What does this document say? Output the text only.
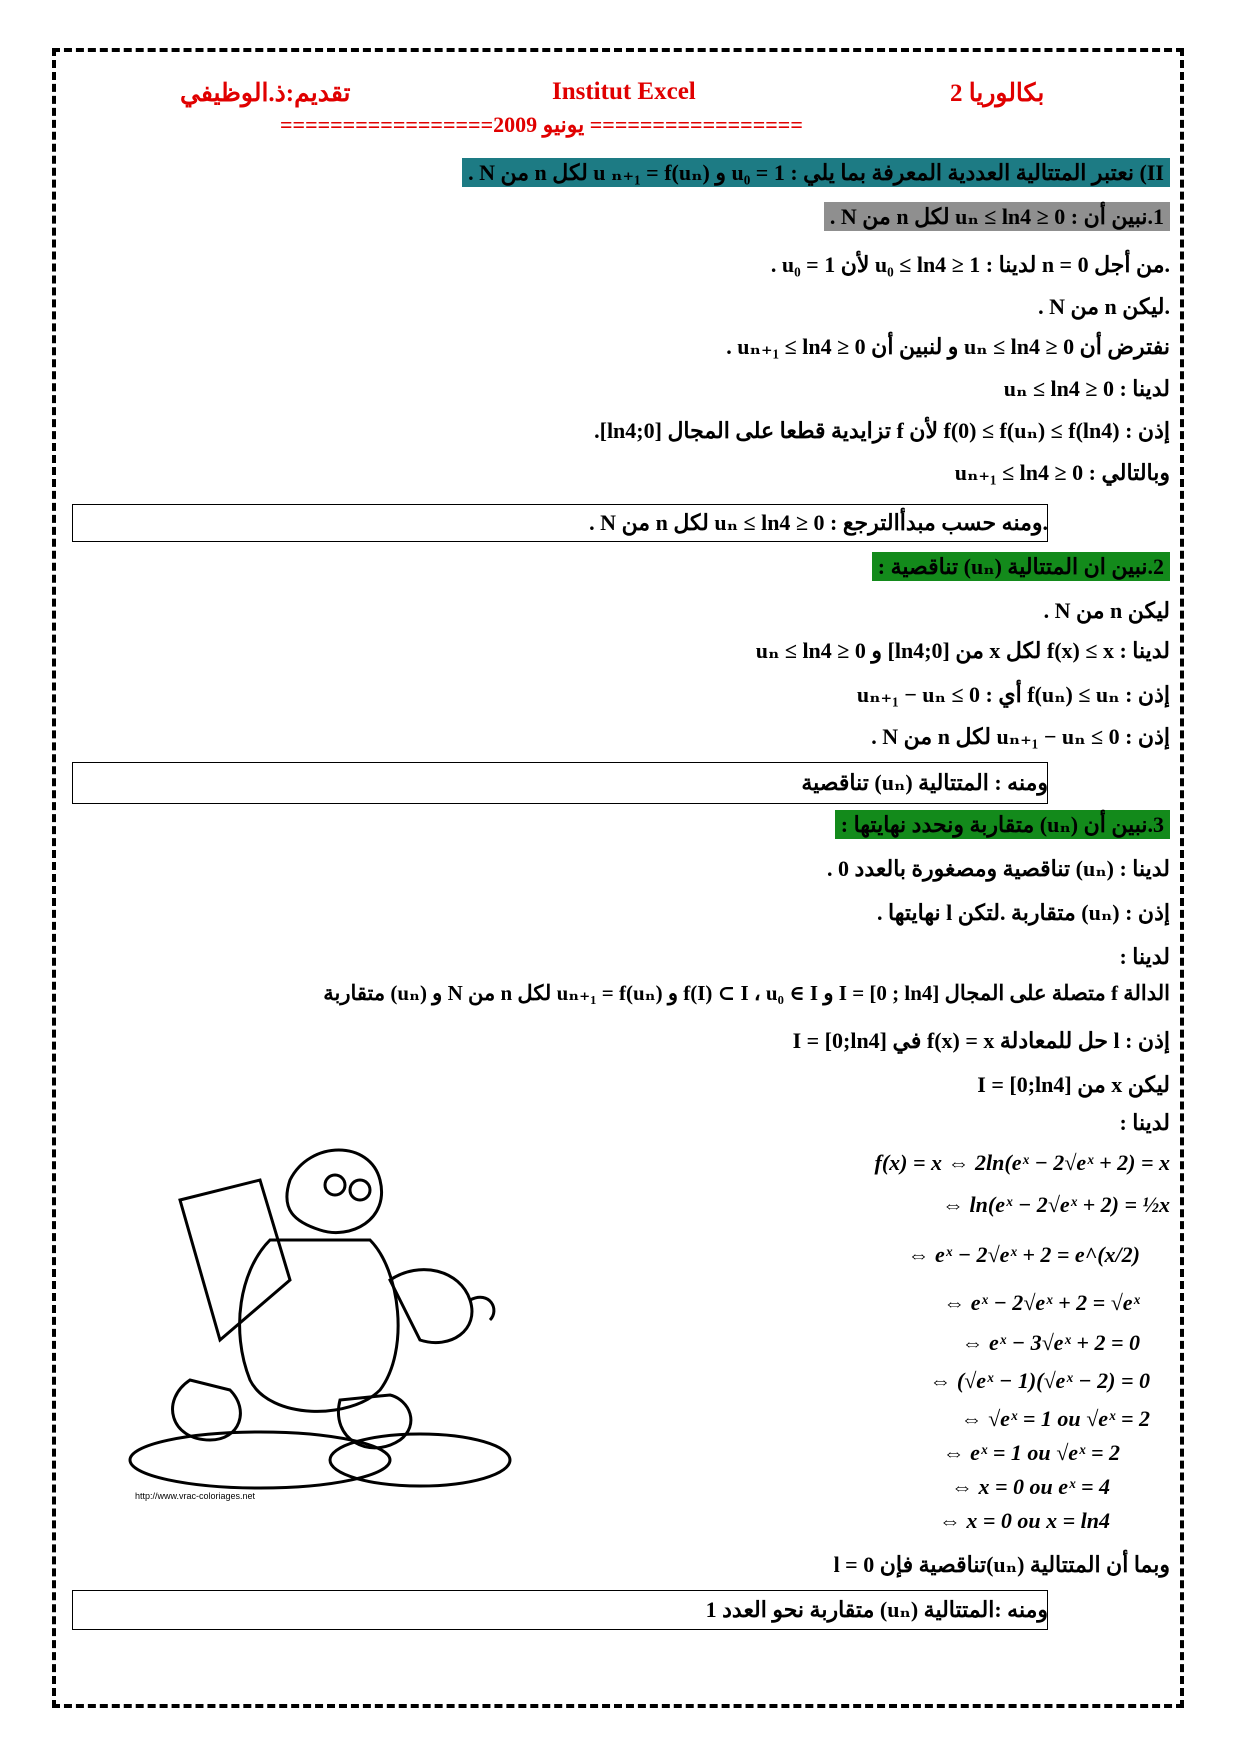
تقديم:ذ.الوظيفي	Institut Excel	2 بكالوريا
=================يونيو 2009 =================
II) نعتبر المتتالية العددية المعرفة بما يلي : u₀ = 1 و u ₙ₊₁ = f(uₙ) لكل n من N .
1.نبين أن : 0 ≤ uₙ ≤ ln4 لكل n من N .
.من أجل n = 0 لدينا : 1 ≤ u₀ ≤ ln4 لأن u₀ = 1 .
.ليكن n من N .
نفترض أن 0 ≤ uₙ ≤ ln4 و لنبين أن 0 ≤ uₙ₊₁ ≤ ln4 .
لدينا : 0 ≤ uₙ ≤ ln4
إذن : f(0) ≤ f(uₙ) ≤ f(ln4) لأن f تزايدية قطعا على المجال [0;ln4].
وبالتالي : 0 ≤ uₙ₊₁ ≤ ln4
.ومنه حسب مبدأالترجع : 0 ≤ uₙ ≤ ln4 لكل n من N .
2.نبين ان المتتالية (uₙ) تناقصية :
ليكن n من N .
لدينا : f(x) ≤ x لكل x من [0;ln4] و 0 ≤ uₙ ≤ ln4
إذن : f(uₙ) ≤ uₙ أي : uₙ₊₁ − uₙ ≤ 0
إذن : uₙ₊₁ − uₙ ≤ 0 لكل n من N .
ومنه : المتتالية (uₙ) تناقصية
3.نبين أن (uₙ) متقاربة ونحدد نهايتها :
لدينا : (uₙ) تناقصية ومصغورة بالعدد 0 .
إذن : (uₙ) متقاربة .لتكن l نهايتها .
لدينا :
الدالة f متصلة على المجال I = [0 ; ln4] و f(I) ⊂ I ، u₀ ∈ I و uₙ₊₁ = f(uₙ) لكل n من N و (uₙ) متقاربة
إذن : l حل للمعادلة f(x) = x في I = [0;ln4]
ليكن x من I = [0;ln4]
لدينا :
f(x) = x ⇔ 2ln(eˣ − 2√eˣ + 2) = x
⇔ ln(eˣ − 2√eˣ + 2) = ½x
⇔ eˣ − 2√eˣ + 2 = e^(x/2)
⇔ eˣ − 2√eˣ + 2 = √eˣ
⇔ eˣ − 3√eˣ + 2 = 0
⇔ (√eˣ − 1)(√eˣ − 2) = 0
⇔ √eˣ = 1 ou √eˣ = 2
⇔ eˣ = 1 ou √eˣ = 2
⇔ x = 0 ou eˣ = 4
⇔ x = 0 ou x = ln4
وبما أن المتتالية (uₙ)تناقصية فإن l = 0
ومنه :المتتالية (uₙ) متقاربة نحو العدد 1
http://www.vrac-coloriages.net
